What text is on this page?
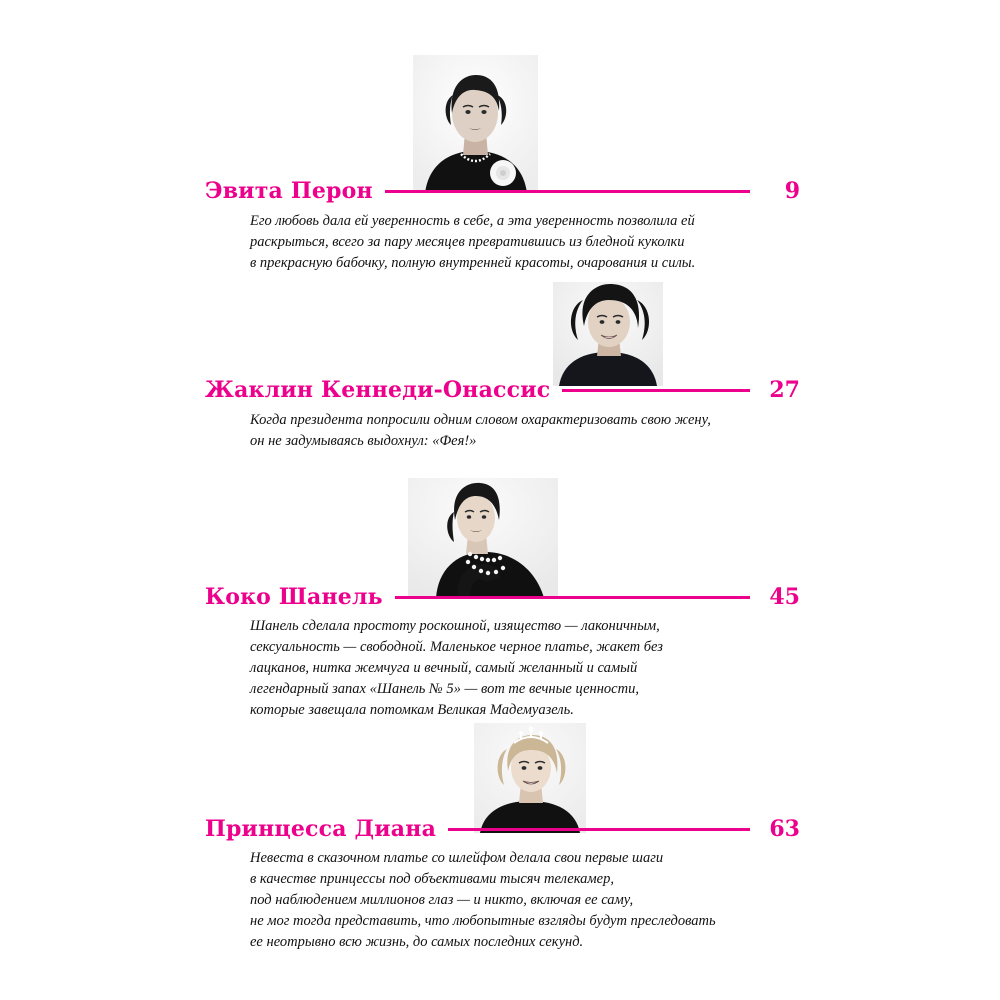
Эвита Перон	9
Его любовь дала ей уверенность в себе, а эта уверенность позволила ей
раскрыться, всего за пару месяцев превратившись из бледной куколки
в прекрасную бабочку, полную внутренней красоты, очарования и силы.
Жаклин Кеннеди-Онассис	27
Когда президента попросили одним словом охарактеризовать свою жену,
он не задумываясь выдохнул: «Фея!»
Коко Шанель	45
Шанель сделала простоту роскошной, изящество — лаконичным,
сексуальность — свободной. Маленькое черное платье, жакет без
лацканов, нитка жемчуга и вечный, самый желанный и самый
легендарный запах «Шанель № 5» — вот те вечные ценности,
которые завещала потомкам Великая Мадемуазель.
Принцесса Диана	63
Невеста в сказочном платье со шлейфом делала свои первые шаги
в качестве принцессы под объективами тысяч телекамер,
под наблюдением миллионов глаз — и никто, включая ее саму,
не мог тогда представить, что любопытные взгляды будут преследовать
ее неотрывно всю жизнь, до самых последних секунд.
